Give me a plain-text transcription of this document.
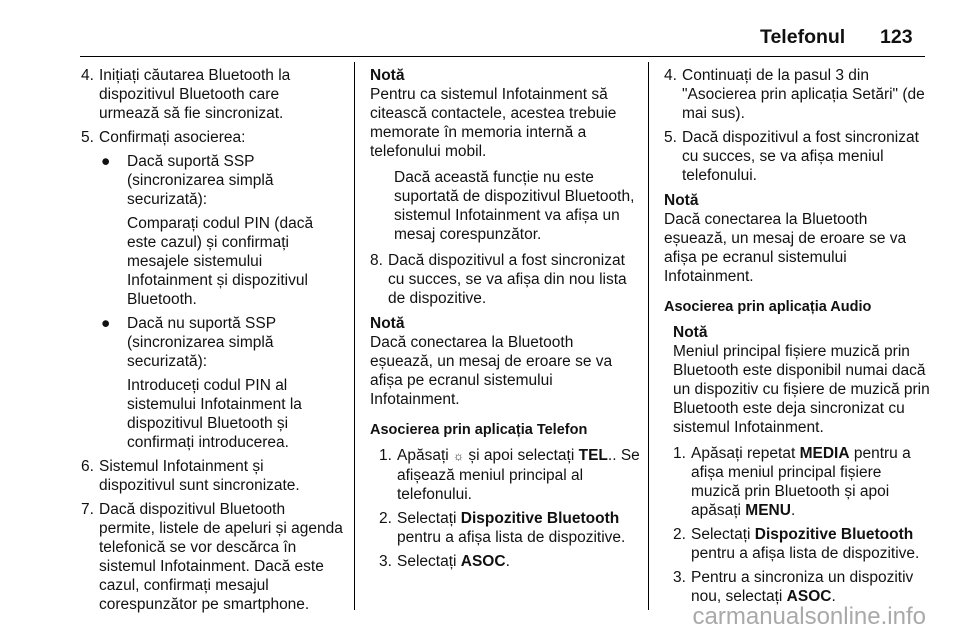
Telefonul 123
4. Inițiați căutarea Bluetooth la dispozitivul Bluetooth care urmează să fie sincronizat.
5. Confirmați asocierea:
● Dacă suportă SSP (sincronizarea simplă securizată):
Comparați codul PIN (dacă este cazul) și confirmați mesajele sistemului Infotainment și dispozitivul Bluetooth.
● Dacă nu suportă SSP (sincronizarea simplă securizată):
Introduceți codul PIN al sistemului Infotainment la dispozitivul Bluetooth și confirmați introducerea.
6. Sistemul Infotainment și dispozitivul sunt sincronizate.
7. Dacă dispozitivul Bluetooth permite, listele de apeluri și agenda telefonică se vor descărca în sistemul Infotainment. Dacă este cazul, confirmați mesajul corespunzător pe smartphone.
Notă
Pentru ca sistemul Infotainment să citească contactele, acestea trebuie memorate în memoria internă a telefonului mobil.
Dacă această funcție nu este suportată de dispozitivul Bluetooth, sistemul Infotainment va afișa un mesaj corespunzător.
8. Dacă dispozitivul a fost sincronizat cu succes, se va afișa din nou lista de dispozitive.
Notă
Dacă conectarea la Bluetooth eșuează, un mesaj de eroare se va afișa pe ecranul sistemului Infotainment.
Asocierea prin aplicația Telefon
1. Apăsați ☼ și apoi selectați TEL.. Se afișează meniul principal al telefonului.
2. Selectați Dispozitive Bluetooth pentru a afișa lista de dispozitive.
3. Selectați ASOC.
4. Continuați de la pasul 3 din "Asocierea prin aplicația Setări" (de mai sus).
5. Dacă dispozitivul a fost sincronizat cu succes, se va afișa meniul telefonului.
Notă
Dacă conectarea la Bluetooth eșuează, un mesaj de eroare se va afișa pe ecranul sistemului Infotainment.
Asocierea prin aplicația Audio
Notă
Meniul principal fișiere muzică prin Bluetooth este disponibil numai dacă un dispozitiv cu fișiere de muzică prin Bluetooth este deja sincronizat cu sistemul Infotainment.
1. Apăsați repetat MEDIA pentru a afișa meniul principal fișiere muzică prin Bluetooth și apoi apăsați MENU.
2. Selectați Dispozitive Bluetooth pentru a afișa lista de dispozitive.
3. Pentru a sincroniza un dispozitiv nou, selectați ASOC.
carmanualsonline.info
